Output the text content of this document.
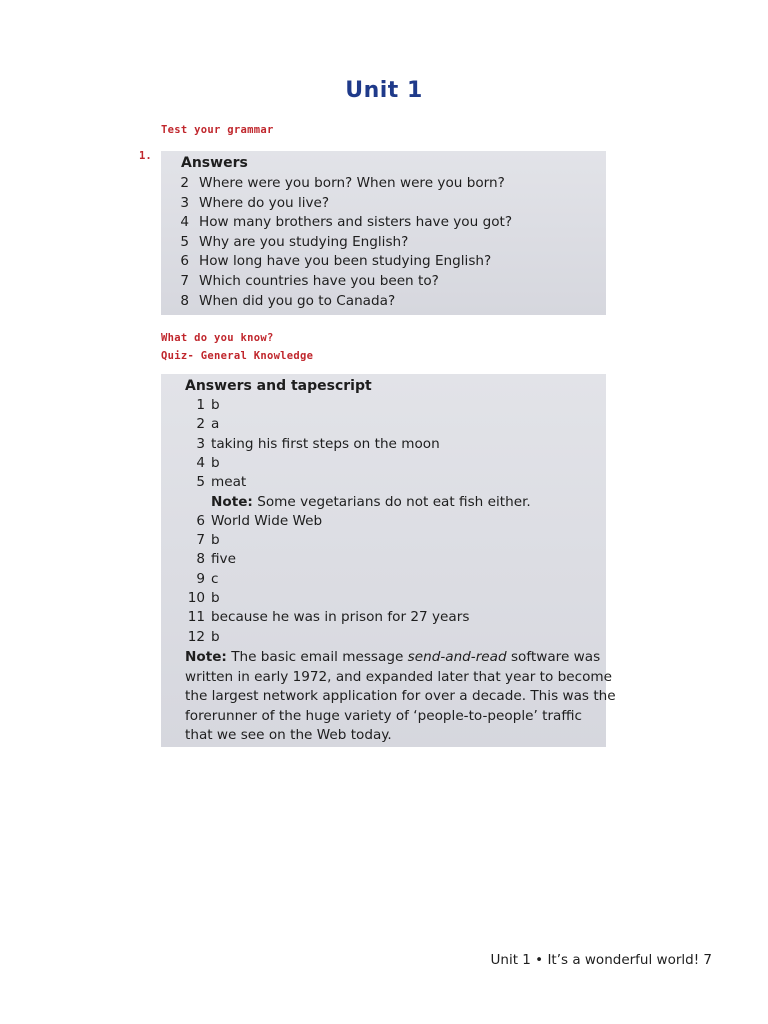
Unit 1
Test your grammar
1. Answers
2 Where were you born? When were you born?
3 Where do you live?
4 How many brothers and sisters have you got?
5 Why are you studying English?
6 How long have you been studying English?
7 Which countries have you been to?
8 When did you go to Canada?
What do you know?
Quiz- General Knowledge
Answers and tapescript
1 b
2 a
3 taking his first steps on the moon
4 b
5 meat
Note: Some vegetarians do not eat fish either.
6 World Wide Web
7 b
8 five
9 c
10 b
11 because he was in prison for 27 years
12 b
Note: The basic email message send-and-read software was
written in early 1972, and expanded later that year to become
the largest network application for over a decade. This was the
forerunner of the huge variety of ‘people-to-people’ traffic
that we see on the Web today.
Unit 1 • It’s a wonderful world! 7
